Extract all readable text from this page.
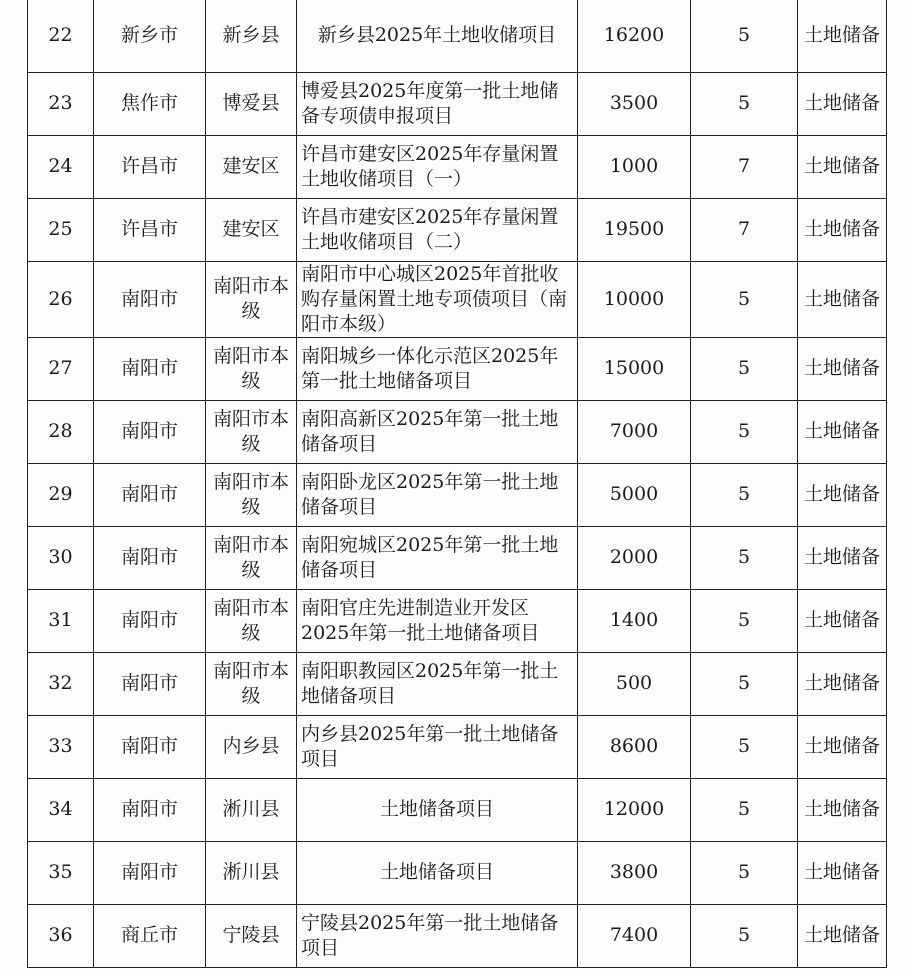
22	新乡市	新乡县	新乡县2025年土地收储项目	16200	5	土地储备
23	焦作市	博爱县	博爱县2025年度第一批土地储备专项债申报项目	3500	5	土地储备
24	许昌市	建安区	许昌市建安区2025年存量闲置土地收储项目（一）	1000	7	土地储备
25	许昌市	建安区	许昌市建安区2025年存量闲置土地收储项目（二）	19500	7	土地储备
26	南阳市	南阳市本级	南阳市中心城区2025年首批收购存量闲置土地专项债项目（南阳市本级）	10000	5	土地储备
27	南阳市	南阳市本级	南阳城乡一体化示范区2025年第一批土地储备项目	15000	5	土地储备
28	南阳市	南阳市本级	南阳高新区2025年第一批土地储备项目	7000	5	土地储备
29	南阳市	南阳市本级	南阳卧龙区2025年第一批土地储备项目	5000	5	土地储备
30	南阳市	南阳市本级	南阳宛城区2025年第一批土地储备项目	2000	5	土地储备
31	南阳市	南阳市本级	南阳官庄先进制造业开发区2025年第一批土地储备项目	1400	5	土地储备
32	南阳市	南阳市本级	南阳职教园区2025年第一批土地储备项目	500	5	土地储备
33	南阳市	内乡县	内乡县2025年第一批土地储备项目	8600	5	土地储备
34	南阳市	淅川县	土地储备项目	12000	5	土地储备
35	南阳市	淅川县	土地储备项目	3800	5	土地储备
36	商丘市	宁陵县	宁陵县2025年第一批土地储备项目	7400	5	土地储备
